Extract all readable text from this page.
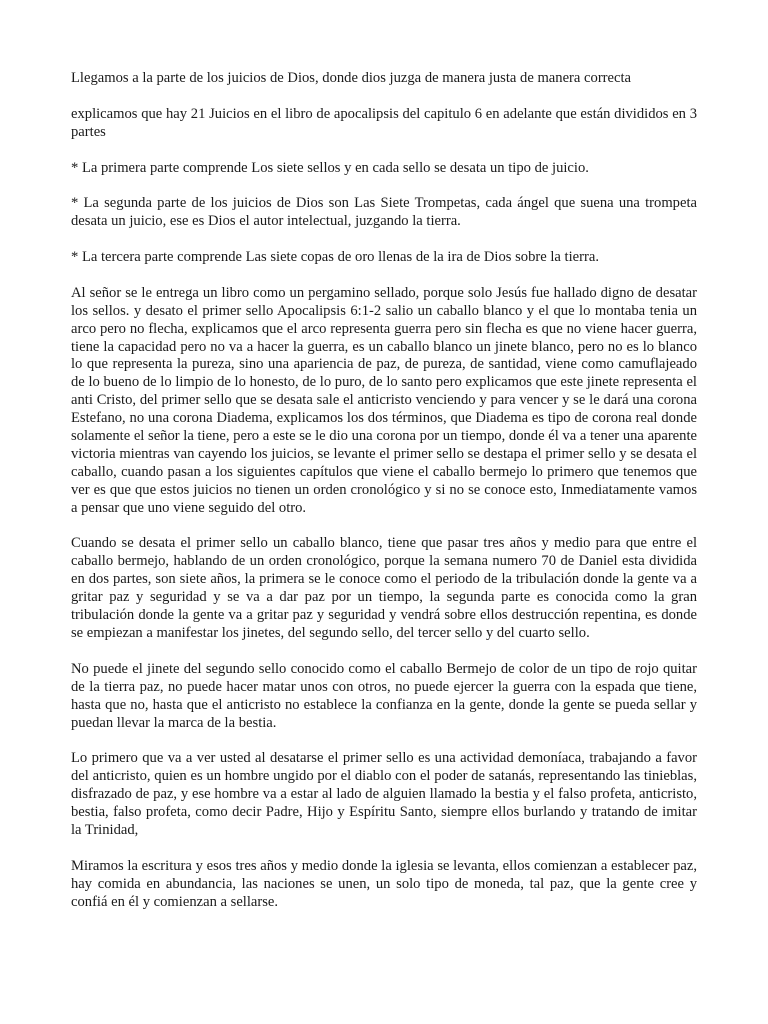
Llegamos a la parte de los juicios de Dios, donde dios juzga de manera justa de manera correcta

explicamos que hay 21 Juicios en el libro de apocalipsis del capitulo 6 en adelante que están divididos en 3 partes

* La primera parte comprende Los siete sellos y en cada sello se desata un tipo de juicio.

* La segunda parte de los juicios de Dios son Las Siete Trompetas, cada ángel que suena una trompeta desata un juicio, ese es Dios el autor intelectual, juzgando la tierra.

* La tercera parte comprende Las siete copas de oro llenas de la ira de Dios sobre la tierra.

Al señor se le entrega un libro como un pergamino sellado, porque solo Jesús fue hallado digno de desatar los sellos. y desato el primer sello Apocalipsis 6:1-2 salio un caballo blanco y el que lo montaba tenia un arco pero no flecha, explicamos que el arco representa guerra pero sin flecha es que no viene hacer guerra, tiene la capacidad pero no va a hacer la guerra, es un caballo blanco un jinete blanco, pero no es lo blanco lo que representa la pureza, sino una apariencia de paz, de pureza, de santidad, viene como camuflajeado de lo bueno de lo limpio de lo honesto, de lo puro, de lo santo pero explicamos que este jinete representa el anti Cristo, del primer sello que se desata sale el anticristo venciendo y para vencer y se le dará una corona Estefano, no una corona Diadema, explicamos los dos términos, que Diadema es tipo de corona real donde solamente el señor la tiene, pero a este se le dio una corona por un tiempo, donde él va a tener una aparente victoria mientras van cayendo los juicios, se levante el primer sello se destapa el primer sello y se desata el caballo, cuando pasan a los siguientes capítulos que viene el caballo bermejo lo primero que tenemos que ver es que que estos juicios no tienen un orden cronológico y si no se conoce esto, Inmediatamente vamos a pensar que uno viene seguido del otro.

Cuando se desata el primer sello un caballo blanco, tiene que pasar tres años y medio para que entre el caballo bermejo, hablando de un orden cronológico, porque la semana numero 70 de Daniel esta dividida en dos partes, son siete años, la primera se le conoce como el periodo de la tribulación donde la gente va a gritar paz y seguridad y se va a dar paz por un tiempo, la segunda parte es conocida como la gran tribulación donde la gente va a gritar paz y seguridad y vendrá sobre ellos destrucción repentina, es donde se empiezan a manifestar los jinetes, del segundo sello, del tercer sello y del cuarto sello.

No puede el jinete del segundo sello conocido como el caballo Bermejo de color de un tipo de rojo quitar de la tierra paz, no puede hacer matar unos con otros, no puede ejercer la guerra con la espada que tiene, hasta que no, hasta que el anticristo no establece la confianza en la gente, donde la gente se pueda sellar y puedan llevar la marca de la bestia.

Lo primero que va a ver usted al desatarse el primer sello es una actividad demoníaca, trabajando a favor del anticristo, quien es un hombre ungido por el diablo con el poder de satanás, representando las tinieblas, disfrazado de paz, y ese hombre va a estar al lado de alguien llamado la bestia y el falso profeta, anticristo, bestia, falso profeta, como decir Padre, Hijo y Espíritu Santo, siempre ellos burlando y tratando de imitar la Trinidad,

Miramos la escritura y esos tres años y medio donde la iglesia se levanta, ellos comienzan a establecer paz, hay comida en abundancia, las naciones se unen, un solo tipo de moneda, tal paz, que la gente cree y confiá en él y comienzan a sellarse.
